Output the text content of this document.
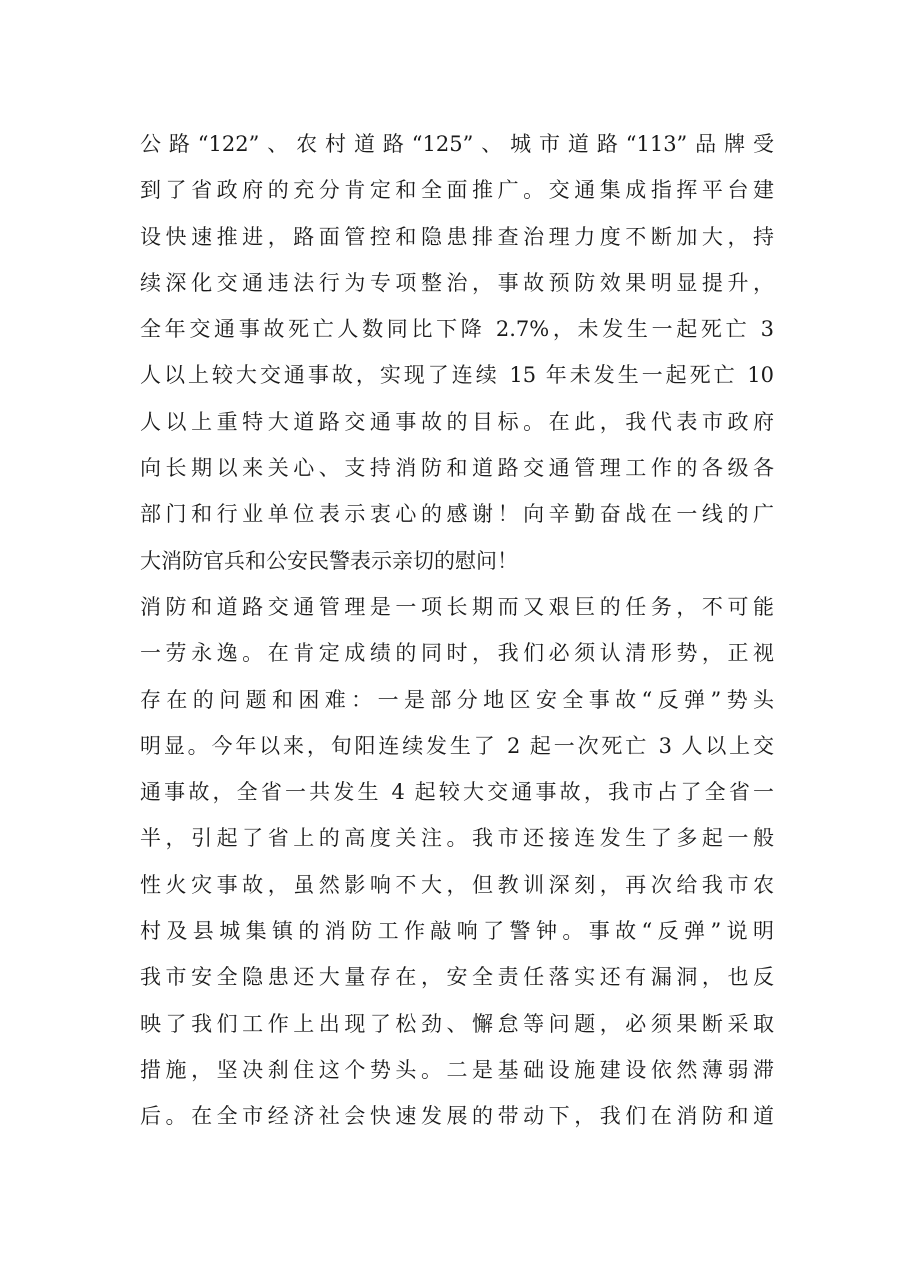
公路“122”、农村道路“125”、城市道路“113”品牌受
到了省政府的充分肯定和全面推广。交通集成指挥平台建
设快速推进，路面管控和隐患排查治理力度不断加大，持
续深化交通违法行为专项整治，事故预防效果明显提升，
全年交通事故死亡人数同比下降 2.7%，未发生一起死亡 3
人以上较大交通事故，实现了连续 15 年未发生一起死亡 10
人以上重特大道路交通事故的目标。在此，我代表市政府
向长期以来关心、支持消防和道路交通管理工作的各级各
部门和行业单位表示衷心的感谢！向辛勤奋战在一线的广
大消防官兵和公安民警表示亲切的慰问！
消防和道路交通管理是一项长期而又艰巨的任务，不可能
一劳永逸。在肯定成绩的同时，我们必须认清形势，正视
存在的问题和困难：一是部分地区安全事故“反弹”势头
明显。今年以来，旬阳连续发生了 2 起一次死亡 3 人以上交
通事故，全省一共发生 4 起较大交通事故，我市占了全省一
半，引起了省上的高度关注。我市还接连发生了多起一般
性火灾事故，虽然影响不大，但教训深刻，再次给我市农
村及县城集镇的消防工作敲响了警钟。事故“反弹”说明
我市安全隐患还大量存在，安全责任落实还有漏洞，也反
映了我们工作上出现了松劲、懈怠等问题，必须果断采取
措施，坚决刹住这个势头。二是基础设施建设依然薄弱滞
后。在全市经济社会快速发展的带动下，我们在消防和道
